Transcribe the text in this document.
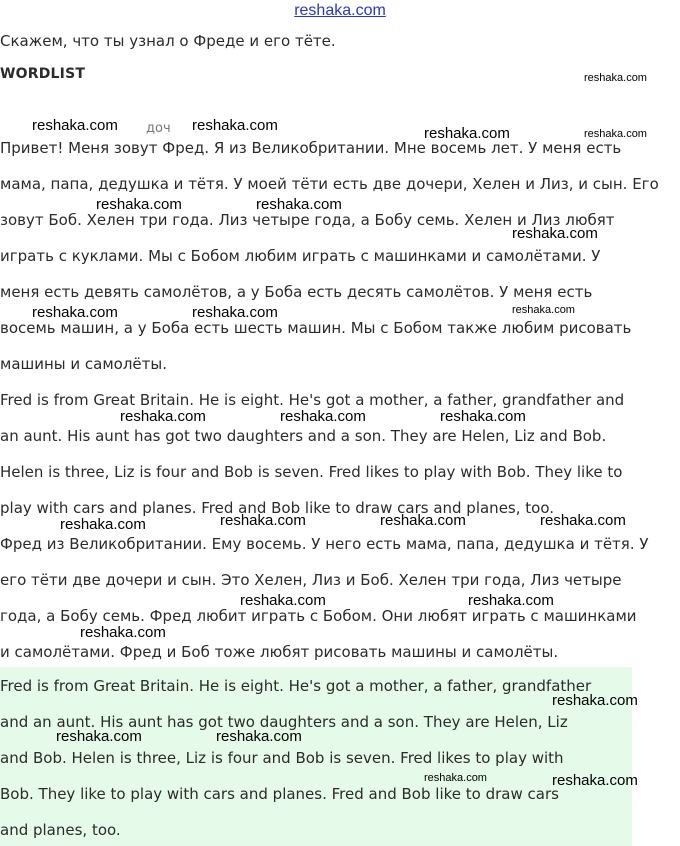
reshaka.com
Скажем, что ты узнал о Фреде и его тёте.
WORDLIST
доч
Привет! Меня зовут Фред. Я из Великобритании. Мне восемь лет. У меня есть
мама, папа, дедушка и тётя. У моей тёти есть две дочери, Хелен и Лиз, и сын. Его
зовут Боб. Хелен три года. Лиз четыре года, а Бобу семь. Хелен и Лиз любят
играть с куклами. Мы с Бобом любим играть с машинками и самолётами. У
меня есть девять самолётов, а у Боба есть десять самолётов. У меня есть
восемь машин, а у Боба есть шесть машин. Мы с Бобом также любим рисовать
машины и самолёты.
Fred is from Great Britain. He is eight. He's got a mother, a father, grandfather and
an aunt. His aunt has got two daughters and a son. They are Helen, Liz and Bob.
Helen is three, Liz is four and Bob is seven. Fred likes to play with Bob. They like to
play with cars and planes. Fred and Bob like to draw cars and planes, too.
Фред из Великобритании. Ему восемь. У него есть мама, папа, дедушка и тётя. У
его тёти две дочери и сын. Это Хелен, Лиз и Боб. Хелен три года, Лиз четыре
года, а Бобу семь. Фред любит играть с Бобом. Они любят играть с машинками
и самолётами. Фред и Боб тоже любят рисовать машины и самолёты.
Fred is from Great Britain. He is eight. He's got a mother, a father, grandfather
and an aunt. His aunt has got two daughters and a son. They are Helen, Liz
and Bob. Helen is three, Liz is four and Bob is seven. Fred likes to play with
Bob. They like to play with cars and planes. Fred and Bob like to draw cars
and planes, too.
reshaka.com
reshaka.com	reshaka.com	reshaka.com	reshaka.com
reshaka.com	reshaka.com
reshaka.com
reshaka.com	reshaka.com	reshaka.com
reshaka.com	reshaka.com	reshaka.com
reshaka.com	reshaka.com	reshaka.com	reshaka.com
reshaka.com	reshaka.com
reshaka.com
reshaka.com
reshaka.com	reshaka.com
reshaka.com	reshaka.com
